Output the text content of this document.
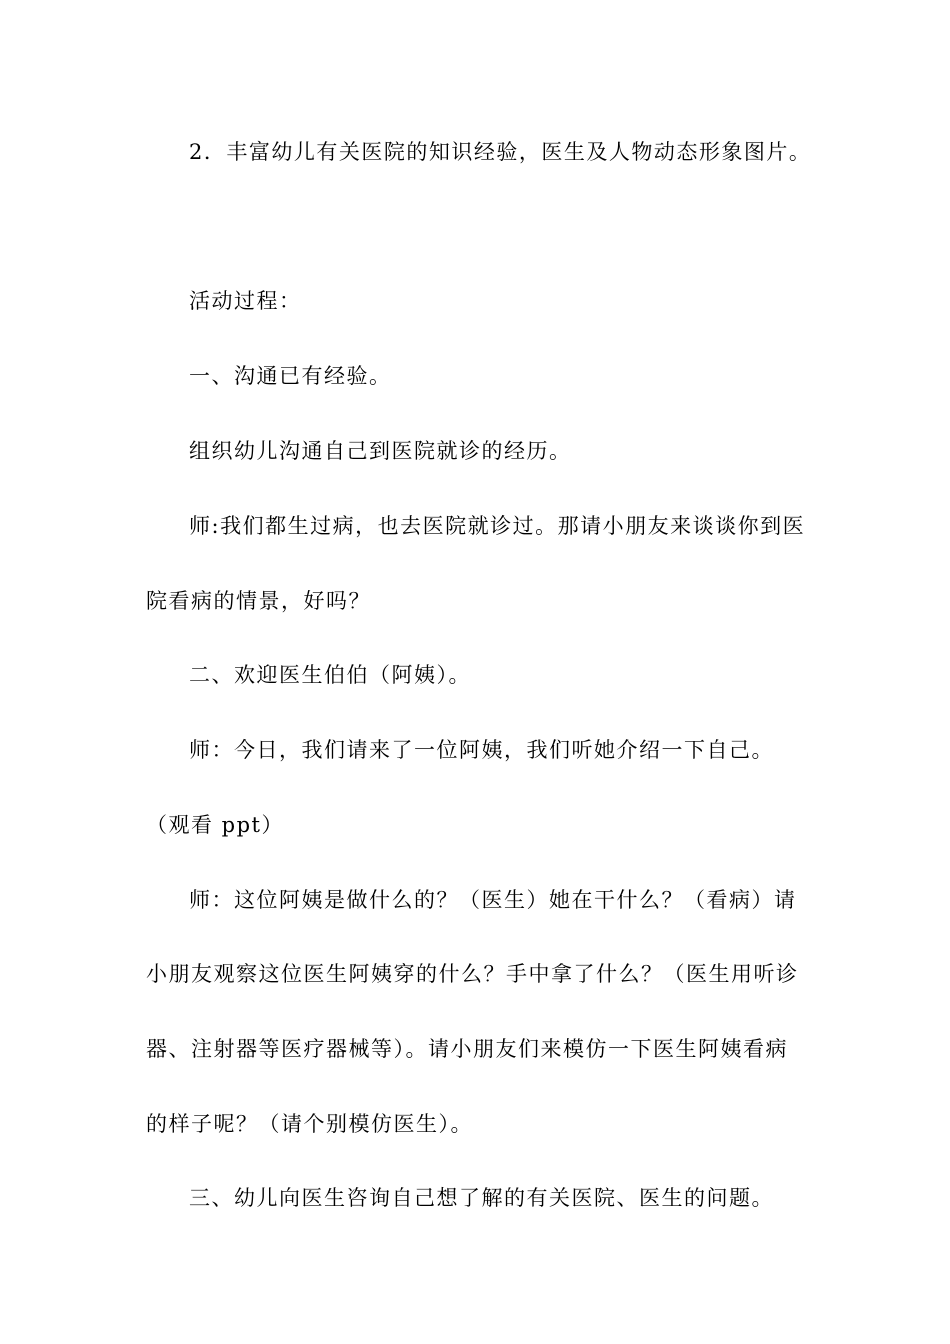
2．丰富幼儿有关医院的知识经验，医生及人物动态形象图片。
活动过程：
一、沟通已有经验。
组织幼儿沟通自己到医院就诊的经历。
师:我们都生过病，也去医院就诊过。那请小朋友来谈谈你到医
院看病的情景，好吗？
二、欢迎医生伯伯（阿姨）。
师：今日，我们请来了一位阿姨，我们听她介绍一下自己。
（观看 ppt）
师：这位阿姨是做什么的？（医生）她在干什么？（看病）请
小朋友观察这位医生阿姨穿的什么？手中拿了什么？（医生用听诊
器、注射器等医疗器械等）。请小朋友们来模仿一下医生阿姨看病
的样子呢？（请个别模仿医生）。
三、幼儿向医生咨询自己想了解的有关医院、医生的问题。
